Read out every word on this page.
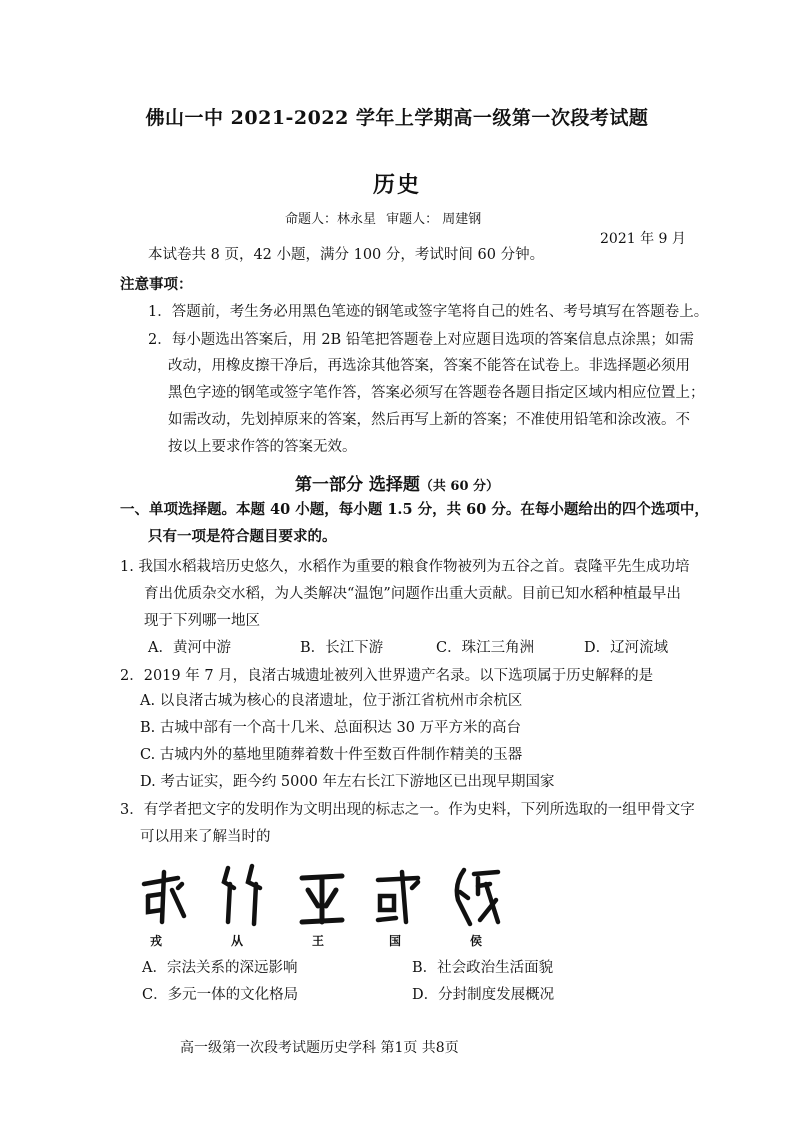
佛山一中 2021-2022 学年上学期高一级第一次段考试题
历史
命题人：林永星 审题人： 周建钢
2021 年 9 月
本试卷共 8 页，42 小题，满分 100 分，考试时间 60 分钟。
注意事项：
1．答题前，考生务必用黑色笔迹的钢笔或签字笔将自己的姓名、考号填写在答题卷上。
2．每小题选出答案后，用 2B 铅笔把答题卷上对应题目选项的答案信息点涂黑；如需
改动，用橡皮擦干净后，再选涂其他答案，答案不能答在试卷上。非选择题必须用
黑色字迹的钢笔或签字笔作答，答案必须写在答题卷各题目指定区域内相应位置上；
如需改动，先划掉原来的答案，然后再写上新的答案；不准使用铅笔和涂改液。不
按以上要求作答的答案无效。
第一部分 选择题（共 60 分）
一、单项选择题。本题 40 小题，每小题 1.5 分，共 60 分。在每小题给出的四个选项中，
只有一项是符合题目要求的。
1. 我国水稻栽培历史悠久，水稻作为重要的粮食作物被列为五谷之首。袁隆平先生成功培
育出优质杂交水稻，为人类解决“温饱”问题作出重大贡献。目前已知水稻种植最早出
现于下列哪一地区
A．黄河中游	B．长江下游	C．珠江三角洲	D．辽河流域
2．2019 年 7 月，良渚古城遗址被列入世界遗产名录。以下选项属于历史解释的是
A. 以良渚古城为核心的良渚遗址，位于浙江省杭州市余杭区
B. 古城中部有一个高十几米、总面积达 30 万平方米的高台
C. 古城内外的墓地里随葬着数十件至数百件制作精美的玉器
D. 考古证实，距今约 5000 年左右长江下游地区已出现早期国家
3．有学者把文字的发明作为文明出现的标志之一。作为史料，下列所选取的一组甲骨文字
可以用来了解当时的
戎	从	王	国	侯
A．宗法关系的深远影响	B．社会政治生活面貌
C．多元一体的文化格局	D．分封制度发展概况
高一级第一次段考试题历史学科 第1页 共8页
